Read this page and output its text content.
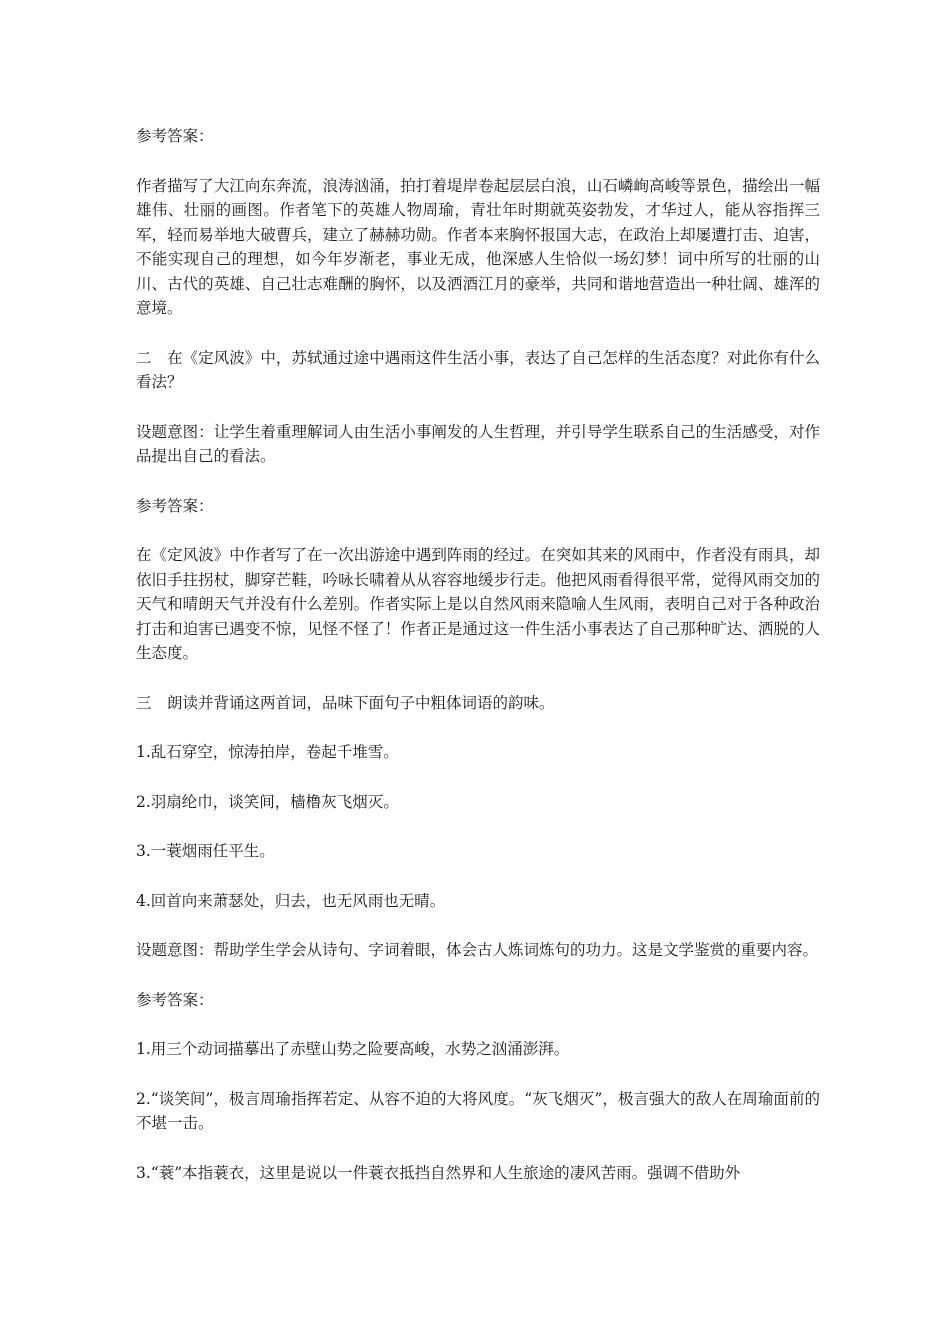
参考答案：

作者描写了大江向东奔流，浪涛汹涌，拍打着堤岸卷起层层白浪，山石嶙峋高峻等景色，描绘出一幅雄伟、壮丽的画图。作者笔下的英雄人物周瑜，青壮年时期就英姿勃发，才华过人，能从容指挥三军，轻而易举地大破曹兵，建立了赫赫功勋。作者本来胸怀报国大志，在政治上却屡遭打击、迫害，不能实现自己的理想，如今年岁渐老，事业无成，他深感人生恰似一场幻梦！词中所写的壮丽的山川、古代的英雄、自己壮志难酬的胸怀，以及洒酒江月的豪举，共同和谐地营造出一种壮阔、雄浑的意境。

二　在《定风波》中，苏轼通过途中遇雨这件生活小事，表达了自己怎样的生活态度？对此你有什么看法？

设题意图：让学生着重理解词人由生活小事阐发的人生哲理，并引导学生联系自己的生活感受，对作品提出自己的看法。

参考答案：

在《定风波》中作者写了在一次出游途中遇到阵雨的经过。在突如其来的风雨中，作者没有雨具，却依旧手拄拐杖，脚穿芒鞋，吟咏长啸着从从容容地缓步行走。他把风雨看得很平常，觉得风雨交加的天气和晴朗天气并没有什么差别。作者实际上是以自然风雨来隐喻人生风雨，表明自己对于各种政治打击和迫害已遇变不惊，见怪不怪了！作者正是通过这一件生活小事表达了自己那种旷达、洒脱的人生态度。

三　朗读并背诵这两首词，品味下面句子中粗体词语的韵味。

1.乱石穿空，惊涛拍岸，卷起千堆雪。

2.羽扇纶巾，谈笑间，樯橹灰飞烟灭。

3.一蓑烟雨任平生。

4.回首向来萧瑟处，归去，也无风雨也无晴。

设题意图：帮助学生学会从诗句、字词着眼，体会古人炼词炼句的功力。这是文学鉴赏的重要内容。

参考答案：

1.用三个动词描摹出了赤壁山势之险要高峻，水势之汹涌澎湃。

2.“谈笑间”，极言周瑜指挥若定、从容不迫的大将风度。“灰飞烟灭”，极言强大的敌人在周瑜面前的不堪一击。

3.“蓑”本指蓑衣，这里是说以一件蓑衣抵挡自然界和人生旅途的凄风苦雨。强调不借助外
